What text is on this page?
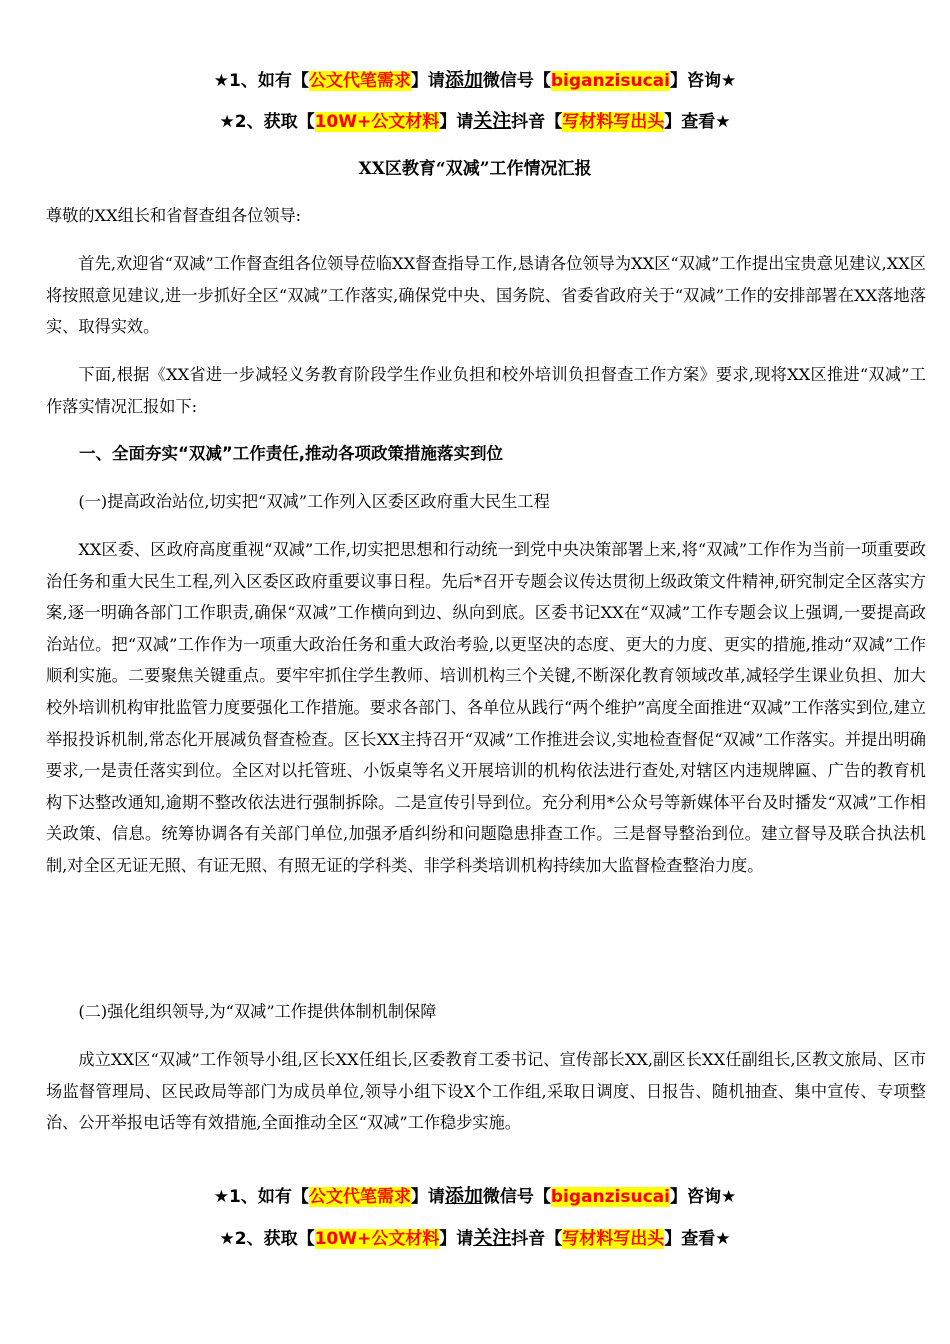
★1、如有【公文代笔需求】请添加微信号【biganzisucai】咨询★
★2、获取【10W+公文材料】请关注抖音【写材料写出头】查看★
XX区教育“双减”工作情况汇报

尊敬的XX组长和省督查组各位领导:

首先,欢迎省“双减”工作督查组各位领导莅临XX督查指导工作,恳请各位领导为XX区“双减”工作提出宝贵意见建议,XX区将按照意见建议,进一步抓好全区“双减”工作落实,确保党中央、国务院、省委省政府关于“双减”工作的安排部署在XX落地落实、取得实效。

下面,根据《XX省进一步减轻义务教育阶段学生作业负担和校外培训负担督查工作方案》要求,现将XX区推进“双减”工作落实情况汇报如下:

一、全面夯实“双减”工作责任,推动各项政策措施落实到位

(一)提高政治站位,切实把“双减”工作列入区委区政府重大民生工程

XX区委、区政府高度重视“双减”工作,切实把思想和行动统一到党中央决策部署上来,将“双减”工作作为当前一项重要政治任务和重大民生工程,列入区委区政府重要议事日程。先后*召开专题会议传达贯彻上级政策文件精神,研究制定全区落实方案,逐一明确各部门工作职责,确保“双减”工作横向到边、纵向到底。区委书记XX在“双减”工作专题会议上强调,一要提高政治站位。把“双减”工作作为一项重大政治任务和重大政治考验,以更坚决的态度、更大的力度、更实的措施,推动“双减”工作顺利实施。二要聚焦关键重点。要牢牢抓住学生教师、培训机构三个关键,不断深化教育领域改革,减轻学生课业负担、加大校外培训机构审批监管力度要强化工作措施。要求各部门、各单位从践行“两个维护”高度全面推进“双减”工作落实到位,建立举报投诉机制,常态化开展减负督查检查。区长XX主持召开“双减”工作推进会议,实地检查督促“双减”工作落实。并提出明确要求,一是责任落实到位。全区对以托管班、小饭桌等名义开展培训的机构依法进行查处,对辖区内违规牌匾、广告的教育机构下达整改通知,逾期不整改依法进行强制拆除。二是宣传引导到位。充分利用*公众号等新媒体平台及时播发“双减”工作相关政策、信息。统筹协调各有关部门单位,加强矛盾纠纷和问题隐患排查工作。三是督导整治到位。建立督导及联合执法机制,对全区无证无照、有证无照、有照无证的学科类、非学科类培训机构持续加大监督检查整治力度。

(二)强化组织领导,为“双减”工作提供体制机制保障

成立XX区“双减”工作领导小组,区长XX任组长,区委教育工委书记、宣传部长XX,副区长XX任副组长,区教文旅局、区市场监督管理局、区民政局等部门为成员单位,领导小组下设X个工作组,采取日调度、日报告、随机抽查、集中宣传、专项整治、公开举报电话等有效措施,全面推动全区“双减”工作稳步实施。

★1、如有【公文代笔需求】请添加微信号【biganzisucai】咨询★
★2、获取【10W+公文材料】请关注抖音【写材料写出头】查看★
